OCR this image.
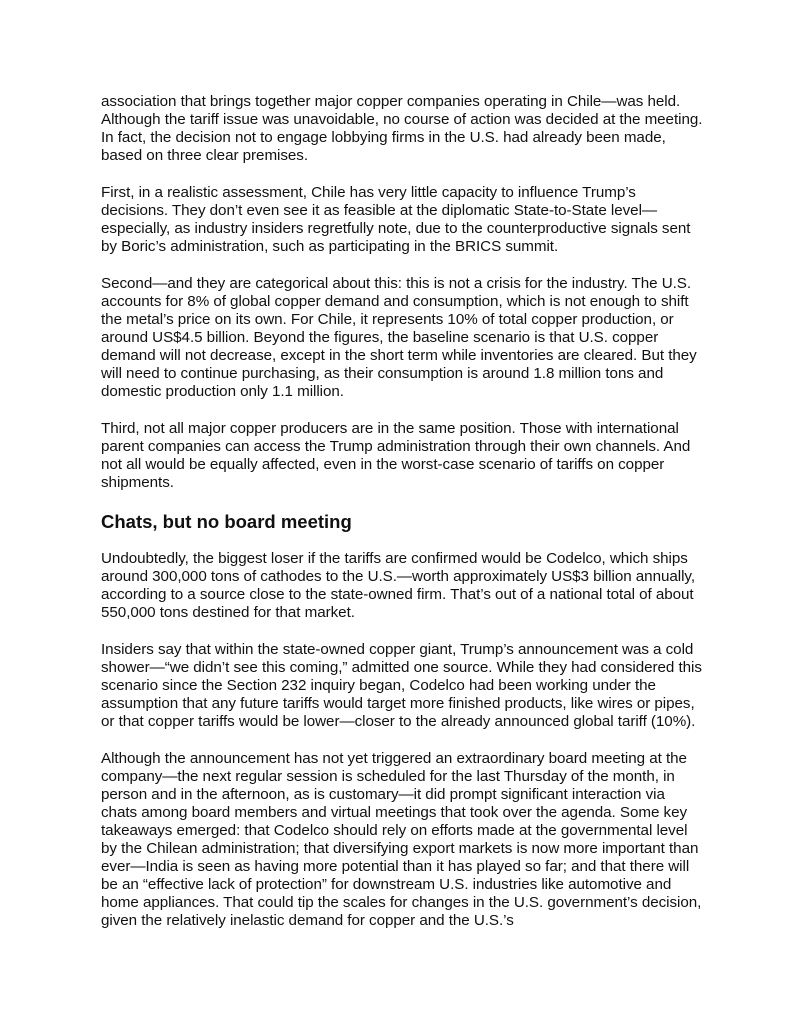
association that brings together major copper companies operating in Chile—was held. Although the tariff issue was unavoidable, no course of action was decided at the meeting. In fact, the decision not to engage lobbying firms in the U.S. had already been made, based on three clear premises.

First, in a realistic assessment, Chile has very little capacity to influence Trump’s decisions. They don’t even see it as feasible at the diplomatic State-to-State level—especially, as industry insiders regretfully note, due to the counterproductive signals sent by Boric’s administration, such as participating in the BRICS summit.

Second—and they are categorical about this: this is not a crisis for the industry. The U.S. accounts for 8% of global copper demand and consumption, which is not enough to shift the metal’s price on its own. For Chile, it represents 10% of total copper production, or around US$4.5 billion. Beyond the figures, the baseline scenario is that U.S. copper demand will not decrease, except in the short term while inventories are cleared. But they will need to continue purchasing, as their consumption is around 1.8 million tons and domestic production only 1.1 million.

Third, not all major copper producers are in the same position. Those with international parent companies can access the Trump administration through their own channels. And not all would be equally affected, even in the worst-case scenario of tariffs on copper shipments.

Chats, but no board meeting

Undoubtedly, the biggest loser if the tariffs are confirmed would be Codelco, which ships around 300,000 tons of cathodes to the U.S.—worth approximately US$3 billion annually, according to a source close to the state-owned firm. That’s out of a national total of about 550,000 tons destined for that market.

Insiders say that within the state-owned copper giant, Trump’s announcement was a cold shower—“we didn’t see this coming,” admitted one source. While they had considered this scenario since the Section 232 inquiry began, Codelco had been working under the assumption that any future tariffs would target more finished products, like wires or pipes, or that copper tariffs would be lower—closer to the already announced global tariff (10%).

Although the announcement has not yet triggered an extraordinary board meeting at the company—the next regular session is scheduled for the last Thursday of the month, in person and in the afternoon, as is customary—it did prompt significant interaction via chats among board members and virtual meetings that took over the agenda. Some key takeaways emerged: that Codelco should rely on efforts made at the governmental level by the Chilean administration; that diversifying export markets is now more important than ever—India is seen as having more potential than it has played so far; and that there will be an “effective lack of protection” for downstream U.S. industries like automotive and home appliances. That could tip the scales for changes in the U.S. government’s decision, given the relatively inelastic demand for copper and the U.S.’s
